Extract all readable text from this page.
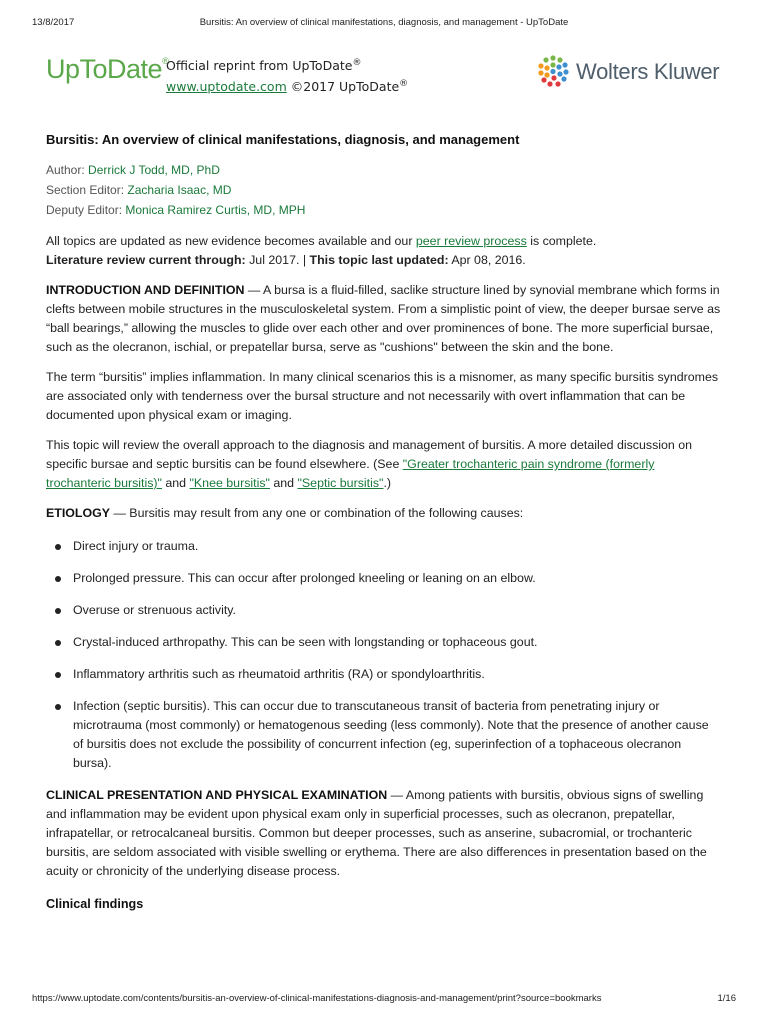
13/8/2017	Bursitis: An overview of clinical manifestations, diagnosis, and management - UpToDate
UpToDate®
Official reprint from UpToDate®
www.uptodate.com ©2017 UpToDate®
Wolters Kluwer
Bursitis: An overview of clinical manifestations, diagnosis, and management
Author: Derrick J Todd, MD, PhD
Section Editor: Zacharia Isaac, MD
Deputy Editor: Monica Ramirez Curtis, MD, MPH

All topics are updated as new evidence becomes available and our peer review process is complete.
Literature review current through: Jul 2017. | This topic last updated: Apr 08, 2016.

INTRODUCTION AND DEFINITION — A bursa is a fluid-filled, saclike structure lined by synovial membrane which forms in clefts between mobile structures in the musculoskeletal system. From a simplistic point of view, the deeper bursae serve as “ball bearings,” allowing the muscles to glide over each other and over prominences of bone. The more superficial bursae, such as the olecranon, ischial, or prepatellar bursa, serve as "cushions" between the skin and the bone.

The term “bursitis” implies inflammation. In many clinical scenarios this is a misnomer, as many specific bursitis syndromes are associated only with tenderness over the bursal structure and not necessarily with overt inflammation that can be documented upon physical exam or imaging.

This topic will review the overall approach to the diagnosis and management of bursitis. A more detailed discussion on specific bursae and septic bursitis can be found elsewhere. (See "Greater trochanteric pain syndrome (formerly trochanteric bursitis)" and "Knee bursitis" and "Septic bursitis".)

ETIOLOGY — Bursitis may result from any one or combination of the following causes:
Direct injury or trauma.
Prolonged pressure. This can occur after prolonged kneeling or leaning on an elbow.
Overuse or strenuous activity.
Crystal-induced arthropathy. This can be seen with longstanding or tophaceous gout.
Inflammatory arthritis such as rheumatoid arthritis (RA) or spondyloarthritis.
Infection (septic bursitis). This can occur due to transcutaneous transit of bacteria from penetrating injury or microtrauma (most commonly) or hematogenous seeding (less commonly). Note that the presence of another cause of bursitis does not exclude the possibility of concurrent infection (eg, superinfection of a tophaceous olecranon bursa).

CLINICAL PRESENTATION AND PHYSICAL EXAMINATION — Among patients with bursitis, obvious signs of swelling and inflammation may be evident upon physical exam only in superficial processes, such as olecranon, prepatellar, infrapatellar, or retrocalcaneal bursitis. Common but deeper processes, such as anserine, subacromial, or trochanteric bursitis, are seldom associated with visible swelling or erythema. There are also differences in presentation based on the acuity or chronicity of the underlying disease process.

Clinical findings
https://www.uptodate.com/contents/bursitis-an-overview-of-clinical-manifestations-diagnosis-and-management/print?source=bookmarks	1/16
